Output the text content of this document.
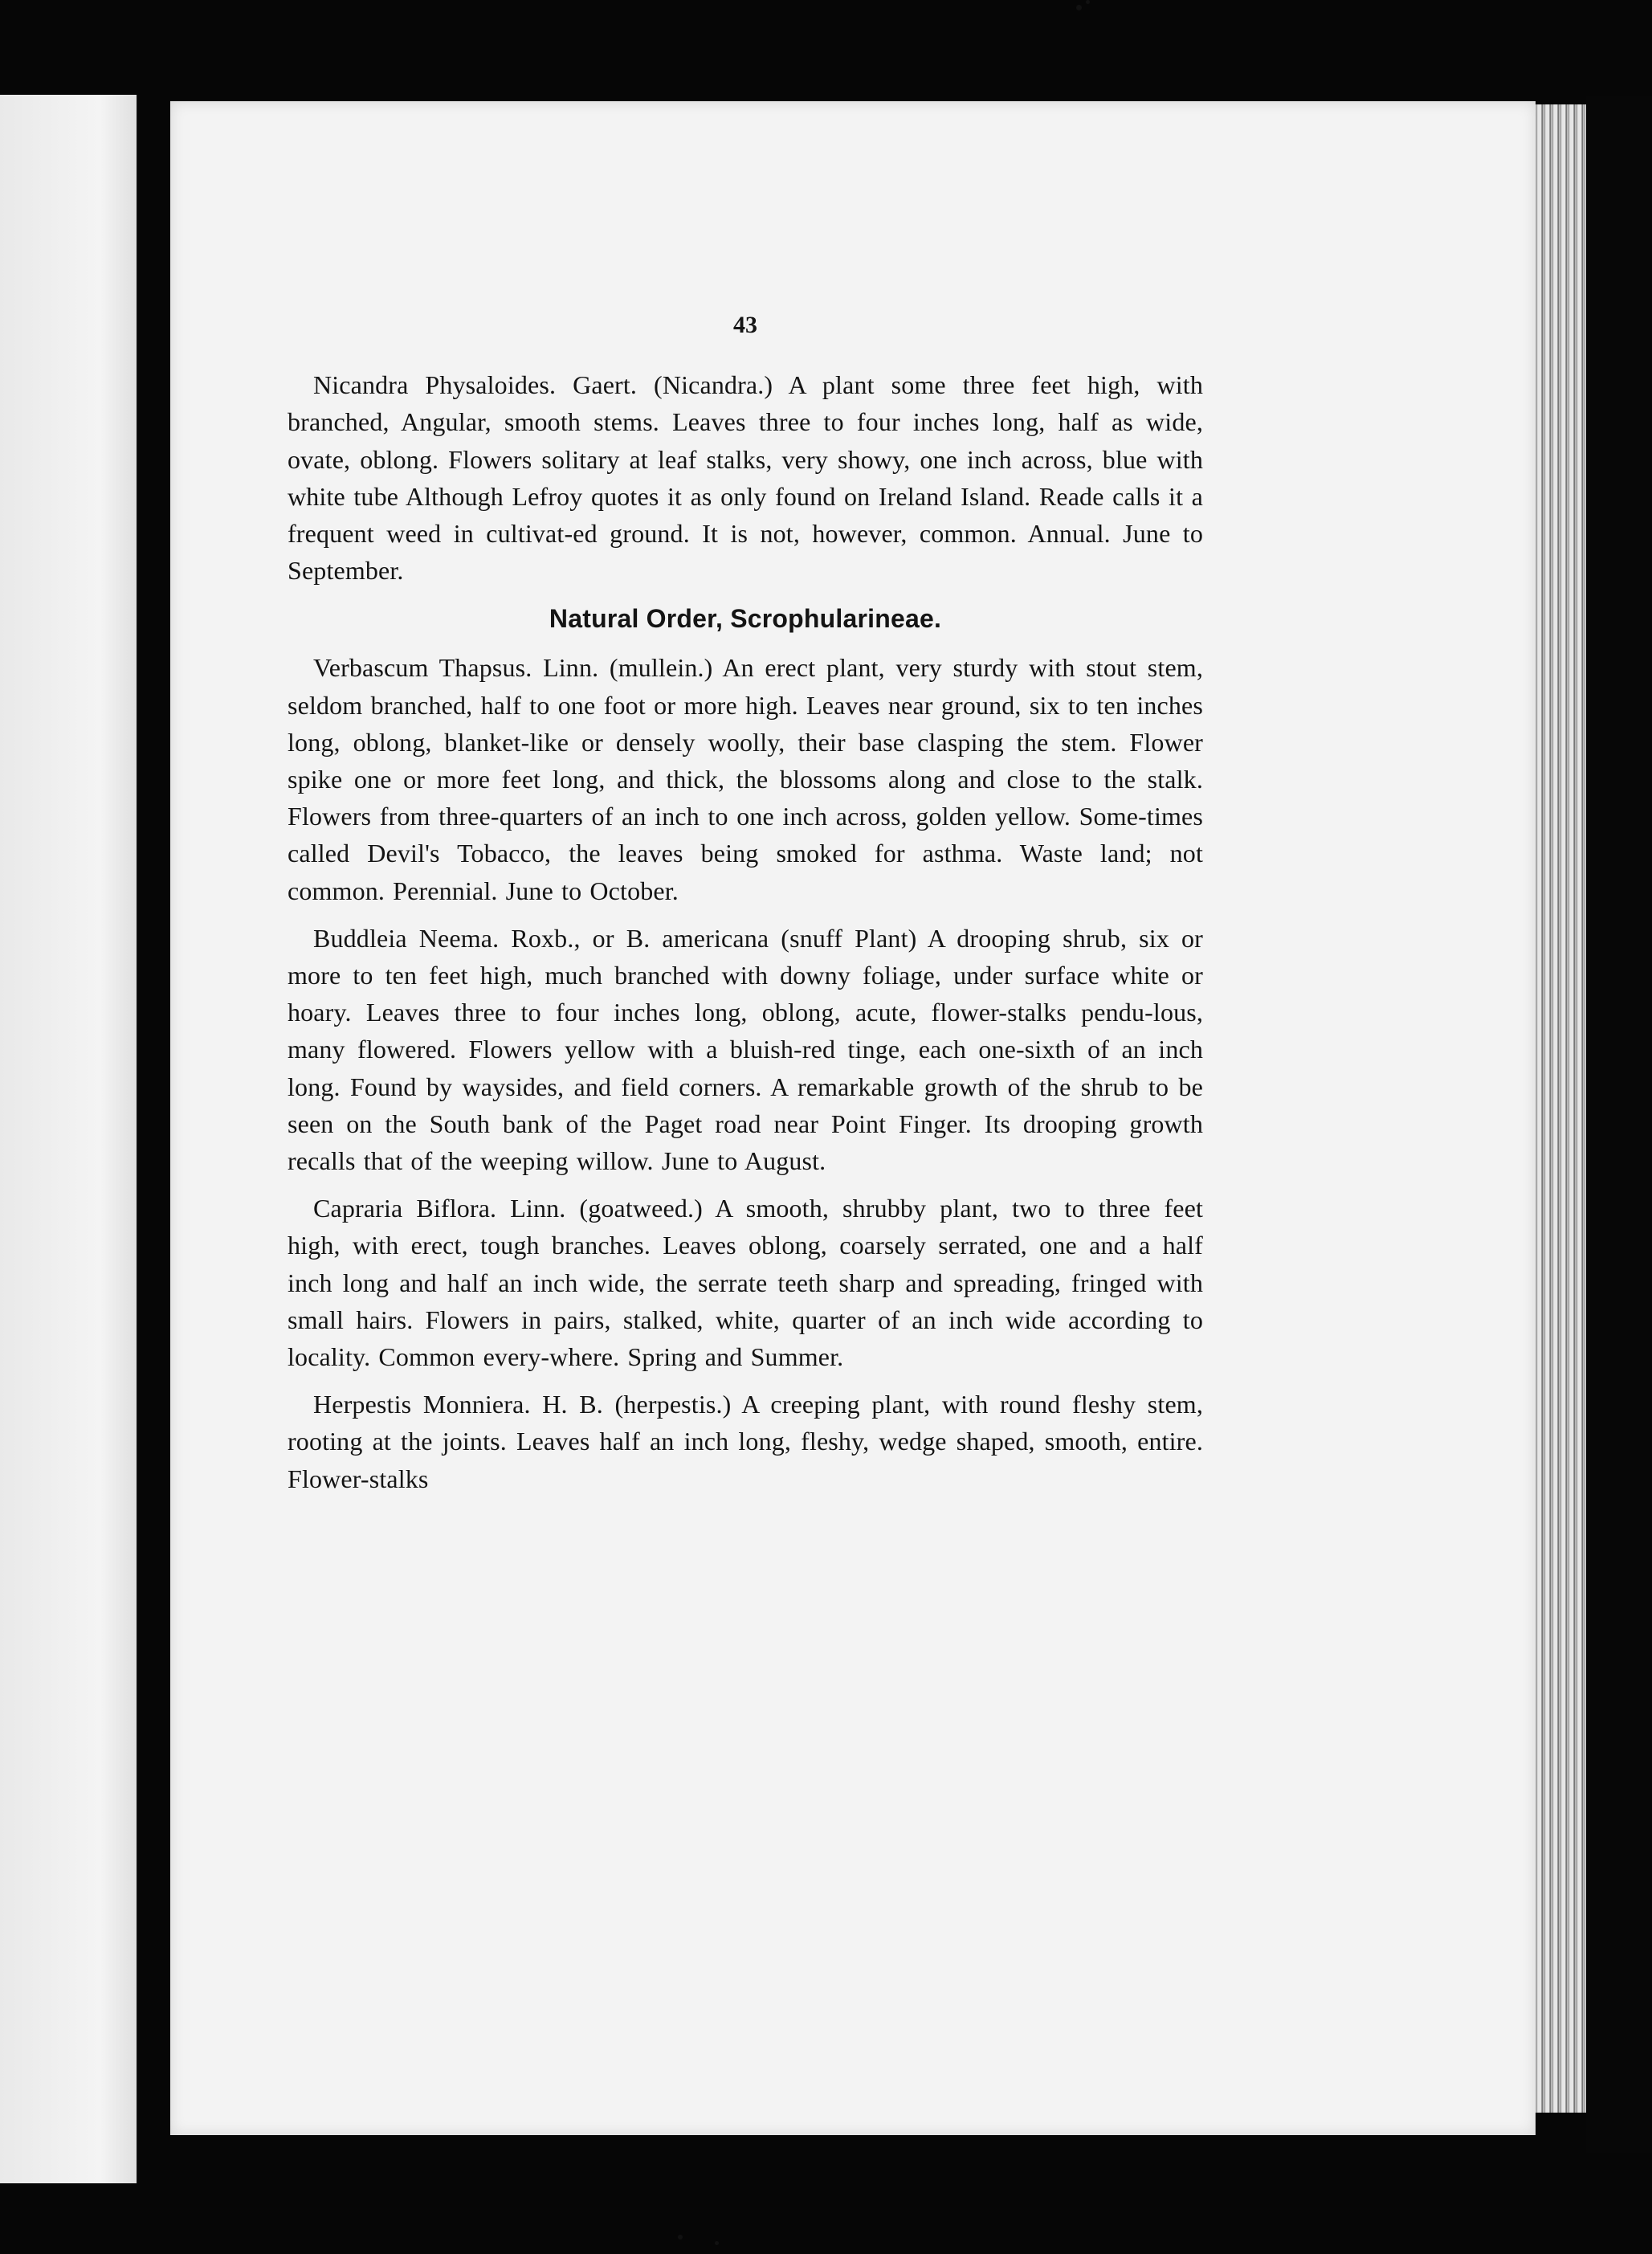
43

Nicandra Physaloides. Gaert. (Nicandra.) A plant some three feet high, with branched, Angular, smooth stems. Leaves three to four inches long, half as wide, ovate, oblong. Flowers solitary at leaf stalks, very showy, one inch across, blue with white tube Although Lefroy quotes it as only found on Ireland Island. Reade calls it a frequent weed in cultivat-ed ground. It is not, however, common. Annual. June to September.

Natural Order, Scrophularineae.

Verbascum Thapsus. Linn. (mullein.) An erect plant, very sturdy with stout stem, seldom branched, half to one foot or more high. Leaves near ground, six to ten inches long, oblong, blanket-like or densely woolly, their base clasping the stem. Flower spike one or more feet long, and thick, the blossoms along and close to the stalk. Flowers from three-quarters of an inch to one inch across, golden yellow. Some-times called Devil's Tobacco, the leaves being smoked for asthma. Waste land; not common. Perennial. June to October.

Buddleia Neema. Roxb., or B. americana (snuff Plant) A drooping shrub, six or more to ten feet high, much branched with downy foliage, under surface white or hoary. Leaves three to four inches long, oblong, acute, flower-stalks pendu-lous, many flowered. Flowers yellow with a bluish-red tinge, each one-sixth of an inch long. Found by waysides, and field corners. A remarkable growth of the shrub to be seen on the South bank of the Paget road near Point Finger. Its drooping growth recalls that of the weeping willow. June to August.

Capraria Biflora. Linn. (goatweed.) A smooth, shrubby plant, two to three feet high, with erect, tough branches. Leaves oblong, coarsely serrated, one and a half inch long and half an inch wide, the serrate teeth sharp and spreading, fringed with small hairs. Flowers in pairs, stalked, white, quarter of an inch wide according to locality. Common every-where. Spring and Summer.

Herpestis Monniera. H. B. (herpestis.) A creeping plant, with round fleshy stem, rooting at the joints. Leaves half an inch long, fleshy, wedge shaped, smooth, entire. Flower-stalks
